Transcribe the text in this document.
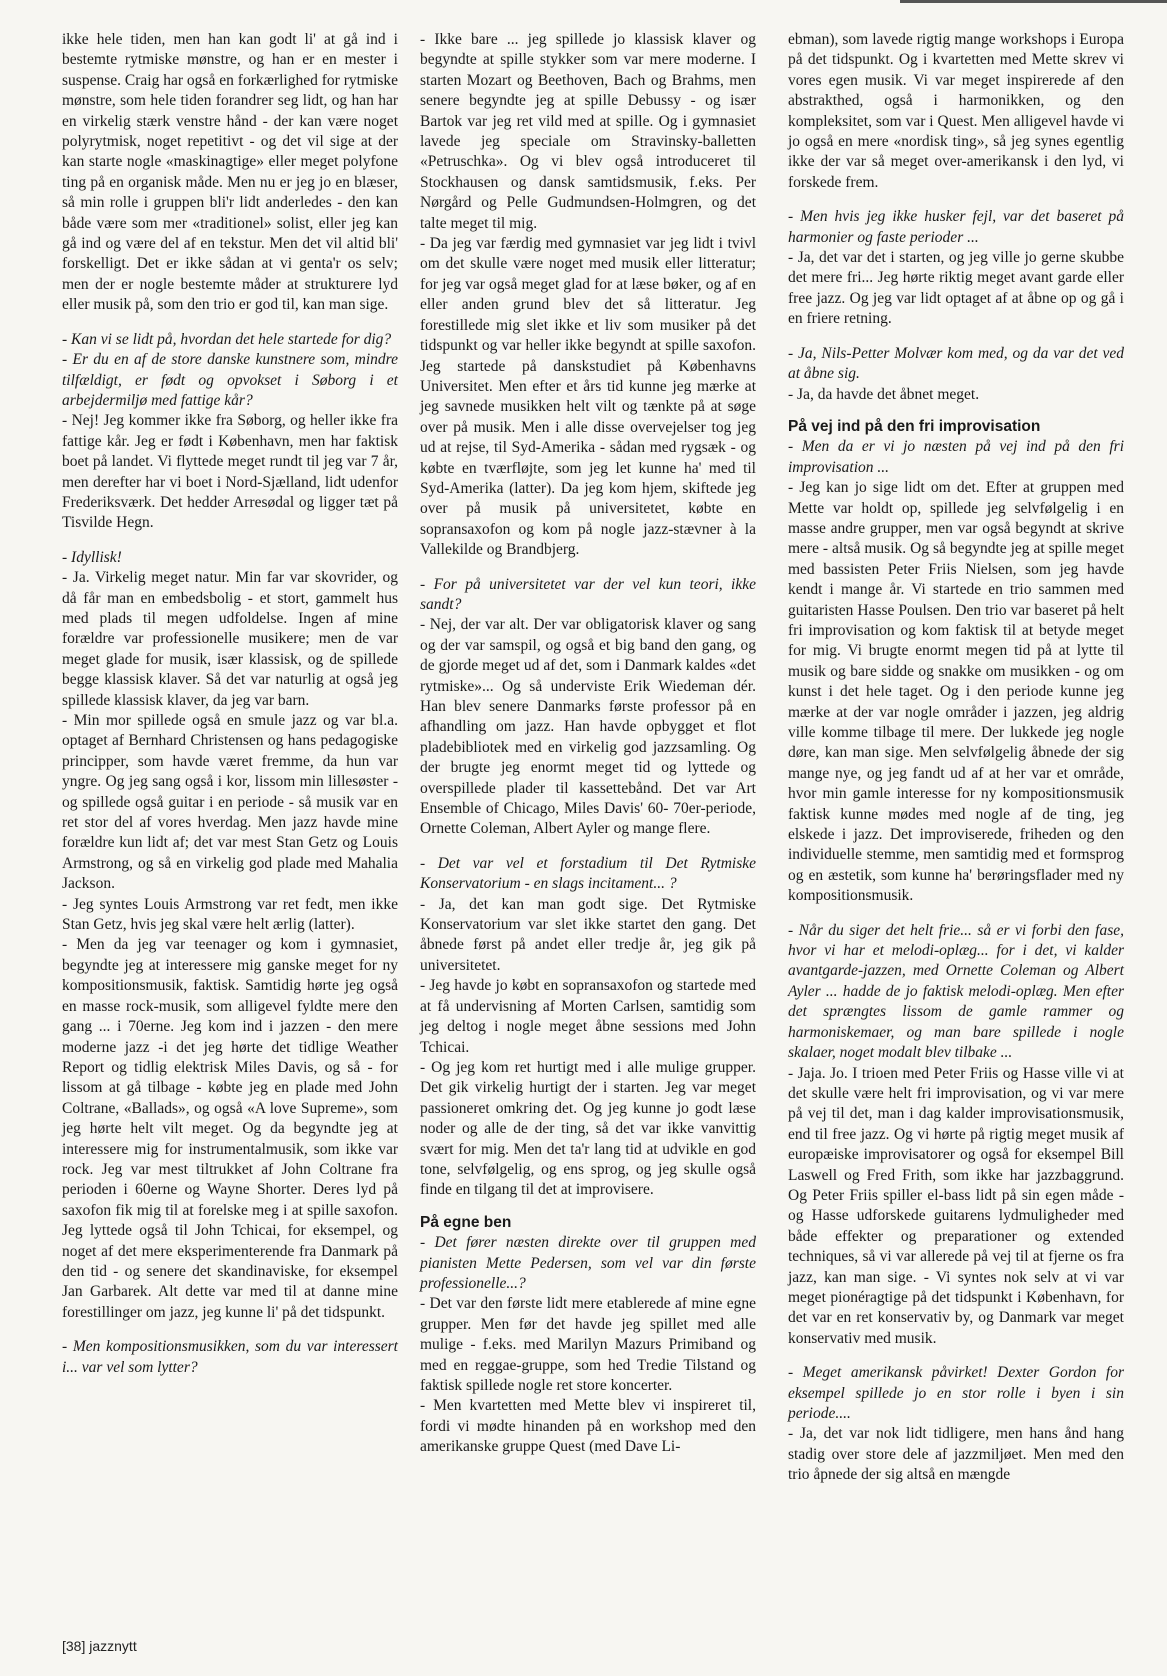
ikke hele tiden, men han kan godt li' at gå ind i bestemte rytmiske mønstre, og han er en mester i suspense. Craig har også en forkærlighed for rytmiske mønstre, som hele tiden forandrer seg lidt, og han har en virkelig stærk venstre hånd - der kan være noget polyrytmisk, noget repetitivt - og det vil sige at der kan starte nogle «maskinagtige» eller meget polyfone ting på en organisk måde. Men nu er jeg jo en blæser, så min rolle i gruppen bli'r lidt anderledes - den kan både være som mer «traditionel» solist, eller jeg kan gå ind og være del af en tekstur. Men det vil altid bli' forskelligt. Det er ikke sådan at vi genta'r os selv; men der er nogle bestemte måder at strukturere lyd eller musik på, som den trio er god til, kan man sige.

- Kan vi se lidt på, hvordan det hele startede for dig?

- Er du en af de store danske kunstnere som, mindre tilfældigt, er født og opvokset i Søborg i et arbejdermiljø med fattige kår?

- Nej! Jeg kommer ikke fra Søborg, og heller ikke fra fattige kår. Jeg er født i København, men har faktisk boet på landet. Vi flyttede meget rundt til jeg var 7 år, men derefter har vi boet i Nord-Sjælland, lidt udenfor Frederiksværk. Det hedder Arresødal og ligger tæt på Tisvilde Hegn.

- Idyllisk!

- Ja. Virkelig meget natur. Min far var skovrider, og då får man en embedsbolig - et stort, gammelt hus med plads til megen udfoldelse. Ingen af mine forældre var professionelle musikere; men de var meget glade for musik, især klassisk, og de spillede begge klassisk klaver. Så det var naturlig at også jeg spillede klassisk klaver, da jeg var barn.

- Min mor spillede også en smule jazz og var bl.a. optaget af Bernhard Christensen og hans pedagogiske principper, som havde været fremme, da hun var yngre. Og jeg sang også i kor, lissom min lillesøster - og spillede også guitar i en periode - så musik var en ret stor del af vores hverdag. Men jazz havde mine forældre kun lidt af; det var mest Stan Getz og Louis Armstrong, og så en virkelig god plade med Mahalia Jackson.

- Jeg syntes Louis Armstrong var ret fedt, men ikke Stan Getz, hvis jeg skal være helt ærlig (latter).

- Men da jeg var teenager og kom i gymnasiet, begyndte jeg at interessere mig ganske meget for ny kompositionsmusik, faktisk. Samtidig hørte jeg også en masse rock-musik, som alligevel fyldte mere den gang ... i 70erne. Jeg kom ind i jazzen - den mere moderne jazz -i det jeg hørte det tidlige Weather Report og tidlig elektrisk Miles Davis, og så - for lissom at gå tilbage - købte jeg en plade med John Coltrane, «Ballads», og også «A love Supreme», som jeg hørte helt vilt meget. Og da begyndte jeg at interessere mig for instrumentalmusik, som ikke var rock. Jeg var mest tiltrukket af John Coltrane fra perioden i 60erne og Wayne Shorter. Deres lyd på saxofon fik mig til at forelske meg i at spille saxofon. Jeg lyttede også til John Tchicai, for eksempel, og noget af det mere eksperimenterende fra Danmark på den tid - og senere det skandinaviske, for eksempel Jan Garbarek. Alt dette var med til at danne mine forestillinger om jazz, jeg kunne li' på det tidspunkt.

- Men kompositionsmusikken, som du var interessert i... var vel som lytter?

- Ikke bare ... jeg spillede jo klassisk klaver og begyndte at spille stykker som var mere moderne. I starten Mozart og Beethoven, Bach og Brahms, men senere begyndte jeg at spille Debussy - og især Bartok var jeg ret vild med at spille. Og i gymnasiet lavede jeg speciale om Stravinsky-balletten «Petruschka». Og vi blev også introduceret til Stockhausen og dansk samtidsmusik, f.eks. Per Nørgård og Pelle Gudmundsen-Holmgren, og det talte meget til mig.

- Da jeg var færdig med gymnasiet var jeg lidt i tvivl om det skulle være noget med musik eller litteratur; for jeg var også meget glad for at læse bøker, og af en eller anden grund blev det så litteratur. Jeg forestillede mig slet ikke et liv som musiker på det tidspunkt og var heller ikke begyndt at spille saxofon. Jeg startede på danskstudiet på Københavns Universitet. Men efter et års tid kunne jeg mærke at jeg savnede musikken helt vilt og tænkte på at søge over på musik. Men i alle disse overvejelser tog jeg ud at rejse, til Syd-Amerika - sådan med rygsæk - og købte en tværfløjte, som jeg let kunne ha' med til Syd-Amerika (latter). Da jeg kom hjem, skiftede jeg over på musik på universitetet, købte en sopransaxofon og kom på nogle jazz-stævner à la Vallekilde og Brandbjerg.

- For på universitetet var der vel kun teori, ikke sandt?

- Nej, der var alt. Der var obligatorisk klaver og sang og der var samspil, og også et big band den gang, og de gjorde meget ud af det, som i Danmark kaldes «det rytmiske»... Og så underviste Erik Wiedeman dér. Han blev senere Danmarks første professor på en afhandling om jazz. Han havde opbygget et flot pladebibliotek med en virkelig god jazzsamling. Og der brugte jeg enormt meget tid og lyttede og overspillede plader til kassettebånd. Det var Art Ensemble of Chicago, Miles Davis' 60- 70er-periode, Ornette Coleman, Albert Ayler og mange flere.

- Det var vel et forstadium til Det Rytmiske Konservatorium - en slags incitament... ?

- Ja, det kan man godt sige. Det Rytmiske Konservatorium var slet ikke startet den gang. Det åbnede først på andet eller tredje år, jeg gik på universitetet.

- Jeg havde jo købt en sopransaxofon og startede med at få undervisning af Morten Carlsen, samtidig som jeg deltog i nogle meget åbne sessions med John Tchicai.

- Og jeg kom ret hurtigt med i alle mulige grupper. Det gik virkelig hurtigt der i starten. Jeg var meget passioneret omkring det. Og jeg kunne jo godt læse noder og alle de der ting, så det var ikke vanvittig svært for mig. Men det ta'r lang tid at udvikle en god tone, selvfølgelig, og ens sprog, og jeg skulle også finde en tilgang til det at improvisere.

På egne ben

- Det fører næsten direkte over til gruppen med pianisten Mette Pedersen, som vel var din første professionelle...?

- Det var den første lidt mere etablerede af mine egne grupper. Men før det havde jeg spillet med alle mulige - f.eks. med Marilyn Mazurs Primiband og med en reggae-gruppe, som hed Tredie Tilstand og faktisk spillede nogle ret store koncerter.

- Men kvartetten med Mette blev vi inspireret til, fordi vi mødte hinanden på en workshop med den amerikanske gruppe Quest (med Dave Li-

ebman), som lavede rigtig mange workshops i Europa på det tidspunkt. Og i kvartetten med Mette skrev vi vores egen musik. Vi var meget inspirerede af den abstrakthed, også i harmonikken, og den kompleksitet, som var i Quest. Men alligevel havde vi jo også en mere «nordisk ting», så jeg synes egentlig ikke der var så meget over-amerikansk i den lyd, vi forskede frem.

- Men hvis jeg ikke husker fejl, var det baseret på harmonier og faste perioder ...

- Ja, det var det i starten, og jeg ville jo gerne skubbe det mere fri... Jeg hørte riktig meget avant garde eller free jazz. Og jeg var lidt optaget af at åbne op og gå i en friere retning.

- Ja, Nils-Petter Molvær kom med, og da var det ved at åbne sig.

- Ja, da havde det åbnet meget.

På vej ind på den fri improvisation

- Men da er vi jo næsten på vej ind på den fri improvisation ...

- Jeg kan jo sige lidt om det. Efter at gruppen med Mette var holdt op, spillede jeg selvfølgelig i en masse andre grupper, men var også begyndt at skrive mere - altså musik. Og så begyndte jeg at spille meget med bassisten Peter Friis Nielsen, som jeg havde kendt i mange år. Vi startede en trio sammen med guitaristen Hasse Poulsen. Den trio var baseret på helt fri improvisation og kom faktisk til at betyde meget for mig. Vi brugte enormt megen tid på at lytte til musik og bare sidde og snakke om musikken - og om kunst i det hele taget. Og i den periode kunne jeg mærke at der var nogle områder i jazzen, jeg aldrig ville komme tilbage til mere. Der lukkede jeg nogle døre, kan man sige. Men selvfølgelig åbnede der sig mange nye, og jeg fandt ud af at her var et område, hvor min gamle interesse for ny kompositionsmusik faktisk kunne mødes med nogle af de ting, jeg elskede i jazz. Det improviserede, friheden og den individuelle stemme, men samtidig med et formsprog og en æstetik, som kunne ha' berøringsflader med ny kompositionsmusik.

- Når du siger det helt frie... så er vi forbi den fase, hvor vi har et melodi-oplæg... for i det, vi kalder avantgarde-jazzen, med Ornette Coleman og Albert Ayler ... hadde de jo faktisk melodi-oplæg. Men efter det sprængtes lissom de gamle rammer og harmoniskemaer, og man bare spillede i nogle skalaer, noget modalt blev tilbake ...

- Jaja. Jo. I trioen med Peter Friis og Hasse ville vi at det skulle være helt fri improvisation, og vi var mere på vej til det, man i dag kalder improvisationsmusik, end til free jazz. Og vi hørte på rigtig meget musik af europæiske improvisatorer og også for eksempel Bill Laswell og Fred Frith, som ikke har jazzbaggrund. Og Peter Friis spiller el-bass lidt på sin egen måde - og Hasse udforskede guitarens lydmuligheder med både effekter og preparationer og extended techniques, så vi var allerede på vej til at fjerne os fra jazz, kan man sige. - Vi syntes nok selv at vi var meget pionéragtige på det tidspunkt i København, for det var en ret konservativ by, og Danmark var meget konservativ med musik.

- Meget amerikansk påvirket! Dexter Gordon for eksempel spillede jo en stor rolle i byen i sin periode....

- Ja, det var nok lidt tidligere, men hans ånd hang stadig over store dele af jazzmiljøet. Men med den trio åpnede der sig altså en mængde

[38] jazznytt
